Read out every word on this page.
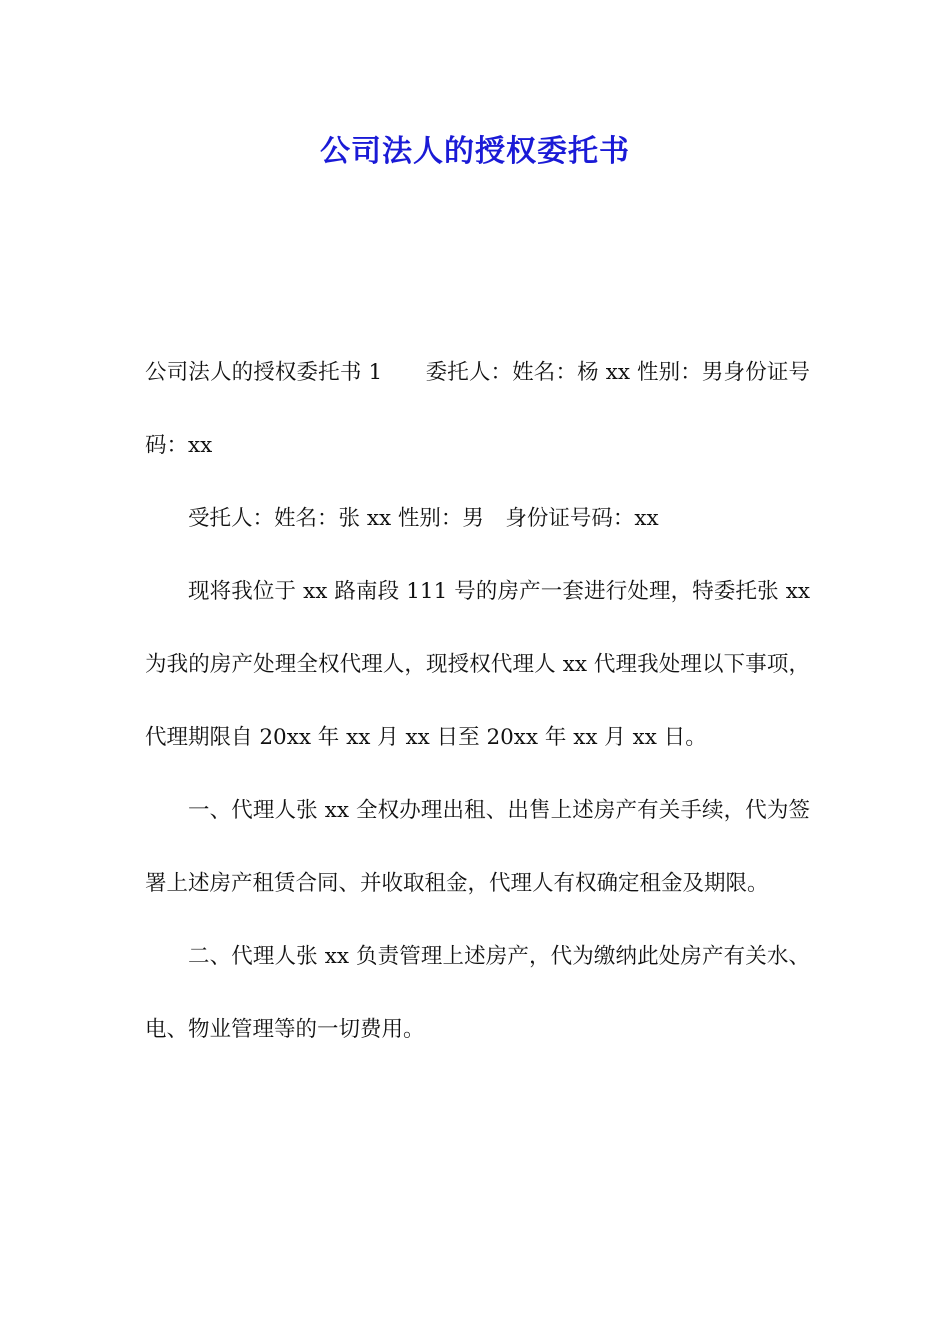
公司法人的授权委托书

公司法人的授权委托书 1　　委托人：姓名：杨 xx 性别：男身份证号码：xx

受托人：姓名：张 xx 性别：男　身份证号码：xx

现将我位于 xx 路南段 111 号的房产一套进行处理，特委托张 xx 为我的房产处理全权代理人，现授权代理人 xx 代理我处理以下事项，代理期限自 20xx 年 xx 月 xx 日至 20xx 年 xx 月 xx 日。

一、代理人张 xx 全权办理出租、出售上述房产有关手续，代为签署上述房产租赁合同、并收取租金，代理人有权确定租金及期限。

二、代理人张 xx 负责管理上述房产，代为缴纳此处房产有关水、电、物业管理等的一切费用。
